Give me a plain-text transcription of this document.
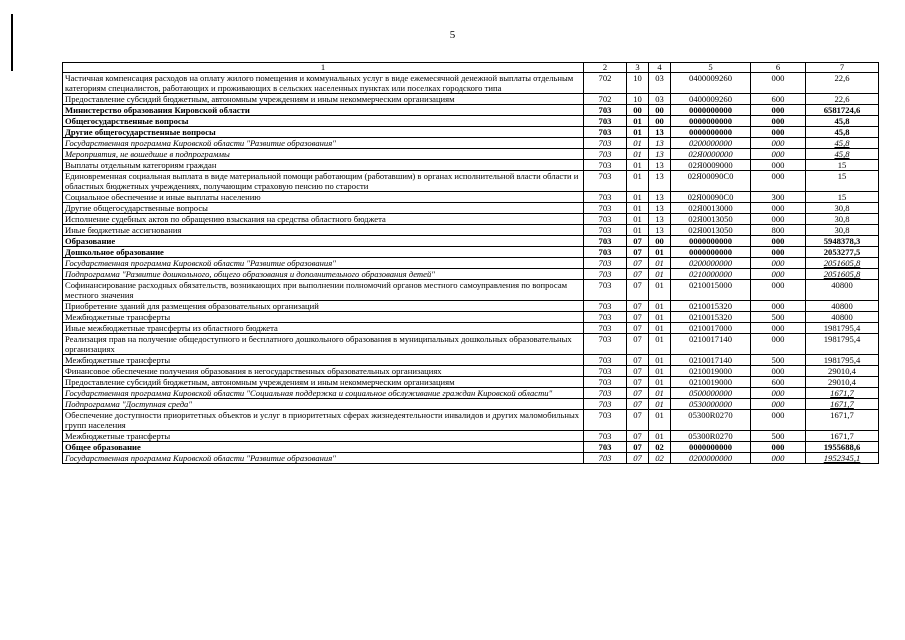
5
1	2	3	4	5	6	7
Частичная компенсация расходов на оплату жилого помещения и коммунальных услуг в виде ежемесячной денежной выплаты отдельным категориям специалистов, работающих и проживающих в сельских населенных пунктах или поселках городского типа	702	10	03	0400009260	000	22,6
Предоставление субсидий бюджетным, автономным учреждениям и иным некоммерческим организациям	702	10	03	0400009260	600	22,6
Министерство образования Кировской области	703	00	00	0000000000	000	6581724,6
Общегосударственные вопросы	703	01	00	0000000000	000	45,8
Другие общегосударственные вопросы	703	01	13	0000000000	000	45,8
Государственная программа Кировской области "Развитие образования"	703	01	13	0200000000	000	45,8
Мероприятия, не вошедшие в подпрограммы	703	01	13	02Я0000000	000	45,8
Выплаты отдельным категориям граждан	703	01	13	02Я0009000	000	15
Единовременная социальная выплата в виде материальной помощи работающим (работавшим) в органах исполнительной власти области и областных бюджетных учреждениях, получающим страховую пенсию по старости	703	01	13	02Я00090С0	000	15
Социальное обеспечение и иные выплаты населению	703	01	13	02Я00090С0	300	15
Другие общегосударственные вопросы	703	01	13	02Я0013000	000	30,8
Исполнение судебных актов по обращению взыскания на средства областного бюджета	703	01	13	02Я0013050	000	30,8
Иные бюджетные ассигнования	703	01	13	02Я0013050	800	30,8
Образование	703	07	00	0000000000	000	5948378,3
Дошкольное образование	703	07	01	0000000000	000	2053277,5
Государственная программа Кировской области "Развитие образования"	703	07	01	0200000000	000	2051605,8
Подпрограмма "Развитие дошкольного, общего образования и дополнительного образования детей"	703	07	01	0210000000	000	2051605,8
Софинансирование расходных обязательств, возникающих при выполнении полномочий органов местного самоуправления по вопросам местного значения	703	07	01	0210015000	000	40800
Приобретение зданий для размещения образовательных организаций	703	07	01	0210015320	000	40800
Межбюджетные трансферты	703	07	01	0210015320	500	40800
Иные межбюджетные трансферты из областного бюджета	703	07	01	0210017000	000	1981795,4
Реализация прав на получение общедоступного и бесплатного дошкольного образования в муниципальных дошкольных образовательных организациях	703	07	01	0210017140	000	1981795,4
Межбюджетные трансферты	703	07	01	0210017140	500	1981795,4
Финансовое обеспечение получения образования в негосударственных образовательных организациях	703	07	01	0210019000	000	29010,4
Предоставление субсидий бюджетным, автономным учреждениям и иным некоммерческим организациям	703	07	01	0210019000	600	29010,4
Государственная программа Кировской области "Социальная поддержка и социальное обслуживание граждан Кировской области"	703	07	01	0500000000	000	1671,7
Подпрограмма "Доступная среда"	703	07	01	0530000000	000	1671,7
Обеспечение доступности приоритетных объектов и услуг в приоритетных сферах жизнедеятельности инвалидов и других маломобильных групп населения	703	07	01	05300R0270	000	1671,7
Межбюджетные трансферты	703	07	01	05300R0270	500	1671,7
Общее образование	703	07	02	0000000000	000	1955688,6
Государственная программа Кировской области "Развитие образования"	703	07	02	0200000000	000	1952345,1
